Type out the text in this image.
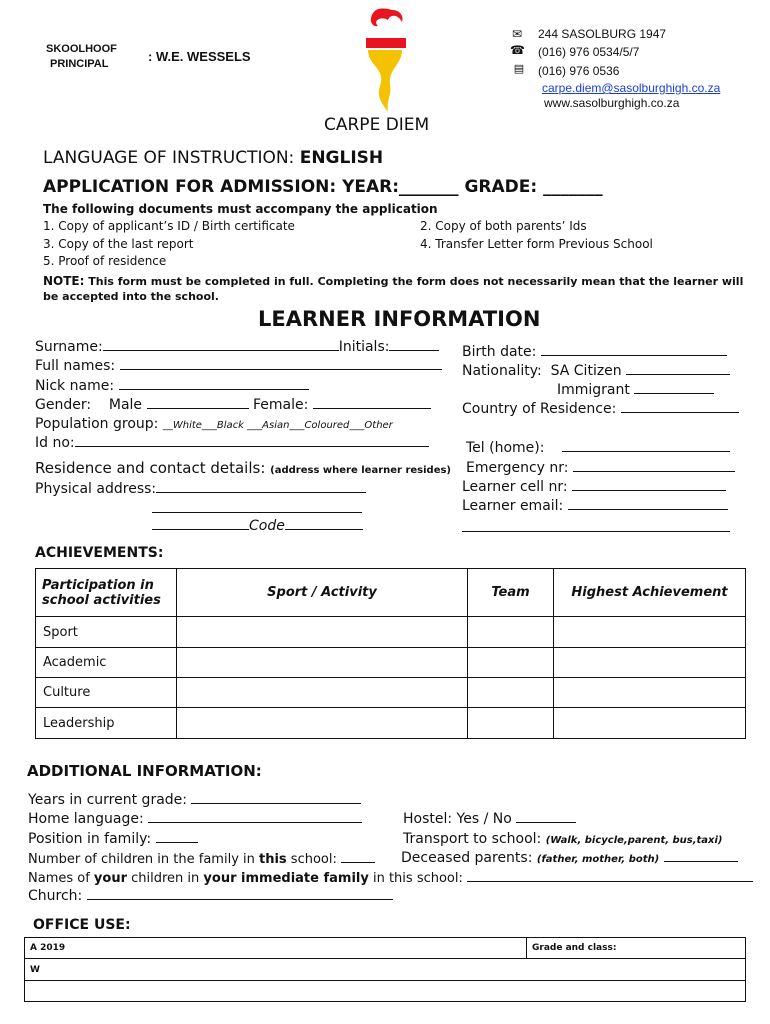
SKOOLHOOF
PRINCIPAL	: W.E. WESSELS
CARPE DIEM
✉
☎
▤
244 SASOLBURG 1947
(016) 976 0534/5/7
(016) 976 0536
carpe.diem@sasolburghigh.co.za
www.sasolburghigh.co.za
LANGUAGE OF INSTRUCTION: ENGLISH
APPLICATION FOR ADMISSION: YEAR:_______ GRADE: _______
The following documents must accompany the application
1. Copy of applicant’s ID / Birth certificate	2. Copy of both parents’ Ids
3. Copy of the last report	4. Transfer Letter form Previous School
5. Proof of residence
NOTE: This form must be completed in full. Completing the form does not necessarily mean that the learner will
be accepted into the school.
LEARNER INFORMATION
Surname:	Initials:
Full names:
Nick name:
Gender: Male	Female:
Population group: __White___Black ___Asian___Coloured___Other
Id no:
Residence and contact details: (address where learner resides)
Physical address:
Code
Birth date:
Nationality: SA Citizen
Immigrant
Country of Residence:
Tel (home):
Emergency nr:
Learner cell nr:
Learner email:
ACHIEVEMENTS:
Participation in
school activities	Sport / Activity	Team	Highest Achievement
Sport			
Academic			
Culture			
Leadership			
ADDITIONAL INFORMATION:
Years in current grade:
Home language:
Position in family:
Number of children in the family in this school:
Hostel: Yes / No
Transport to school: (Walk, bicycle,parent, bus,taxi)
Deceased parents: (father, mother, both)
Names of your children in your immediate family in this school:
Church:
OFFICE USE:
A 2019	Grade and class:
W
